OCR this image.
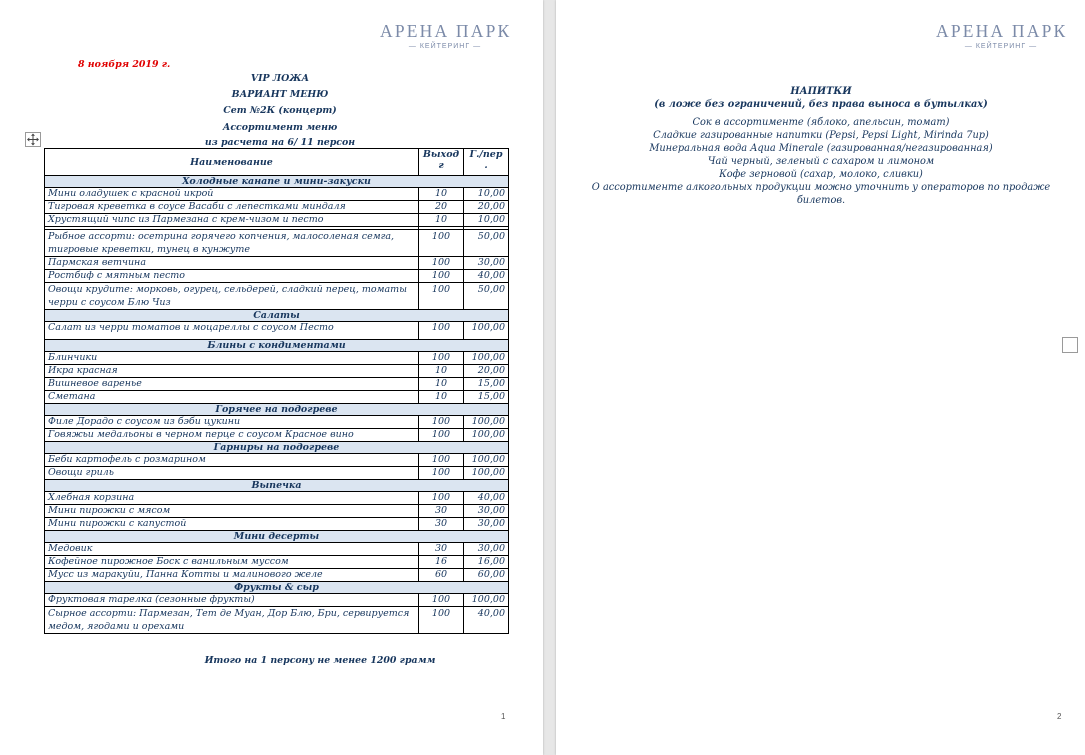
АРЕНА ПАРК
— КЕЙТЕРИНГ —
8 ноября 2019 г.
VIP ЛОЖА
ВАРИАНТ МЕНЮ
Сет №2К (концерт)
Ассортимент меню
из расчета на 6/ 11 персон
Наименование	Выход г	Г./пер .
Холодные канапе и мини-закуски		
Мини оладушек с красной икрой	10	10,00
Тигровая креветка в соусе Васаби с лепестками миндаля	20	20,00
Хрустящий чипс из Пармезана с крем-чизом и песто	10	10,00

Рыбное ассорти: осетрина горячего копчения, малосоленая семга, тигровые креветки, тунец в кунжуте	100	50,00
Пармская ветчина	100	30,00
Ростбиф с мятным песто	100	40,00
Овощи крудите: морковь, огурец, сельдерей, сладкий перец, томаты черри с соусом Блю Чиз	100	50,00
Салаты		
Салат из черри томатов и моцареллы с соусом Песто	100	100,00
Блины с кондиментами		
Блинчики	100	100,00
Икра красная	10	20,00
Вишневое варенье	10	15,00
Сметана	10	15,00
Горячее на подогреве		
Филе Дорадо с соусом из бэби цукини	100	100,00
Говяжьи медальоны в черном перце с соусом Красное вино	100	100,00
Гарниры на подогреве		
Беби картофель с розмарином	100	100,00
Овощи гриль	100	100,00
Выпечка		
Хлебная корзина	100	40,00
Мини пирожки с мясом	30	30,00
Мини пирожки с капустой	30	30,00
Мини десерты		
Медовик	30	30,00
Кофейное пирожное Боск с ванильным муссом	16	16,00
Мусс из маракуйи, Панна Котты и малинового желе	60	60,00
Фрукты & сыр		
Фруктовая тарелка (сезонные фрукты)	100	100,00
Сырное ассорти: Пармезан, Тет де Муан, Дор Блю, Бри, сервируется медом, ягодами и орехами	100	40,00
Итого на 1 персону не менее 1200 грамм
1
АРЕНА ПАРК
— КЕЙТЕРИНГ —
НАПИТКИ
(в ложе без ограничений, без права выноса в бутылках)
Сок в ассортименте (яблоко, апельсин, томат)
Сладкие газированные напитки (Pepsi, Pepsi Light, Mirinda 7up)
Минеральная вода Aqua Minerale (газированная/негазированная)
Чай черный, зеленый с сахаром и лимоном
Кофе зерновой (сахар, молоко, сливки)
О ассортименте алкогольных продукции можно уточнить у операторов по продаже
билетов.
2
